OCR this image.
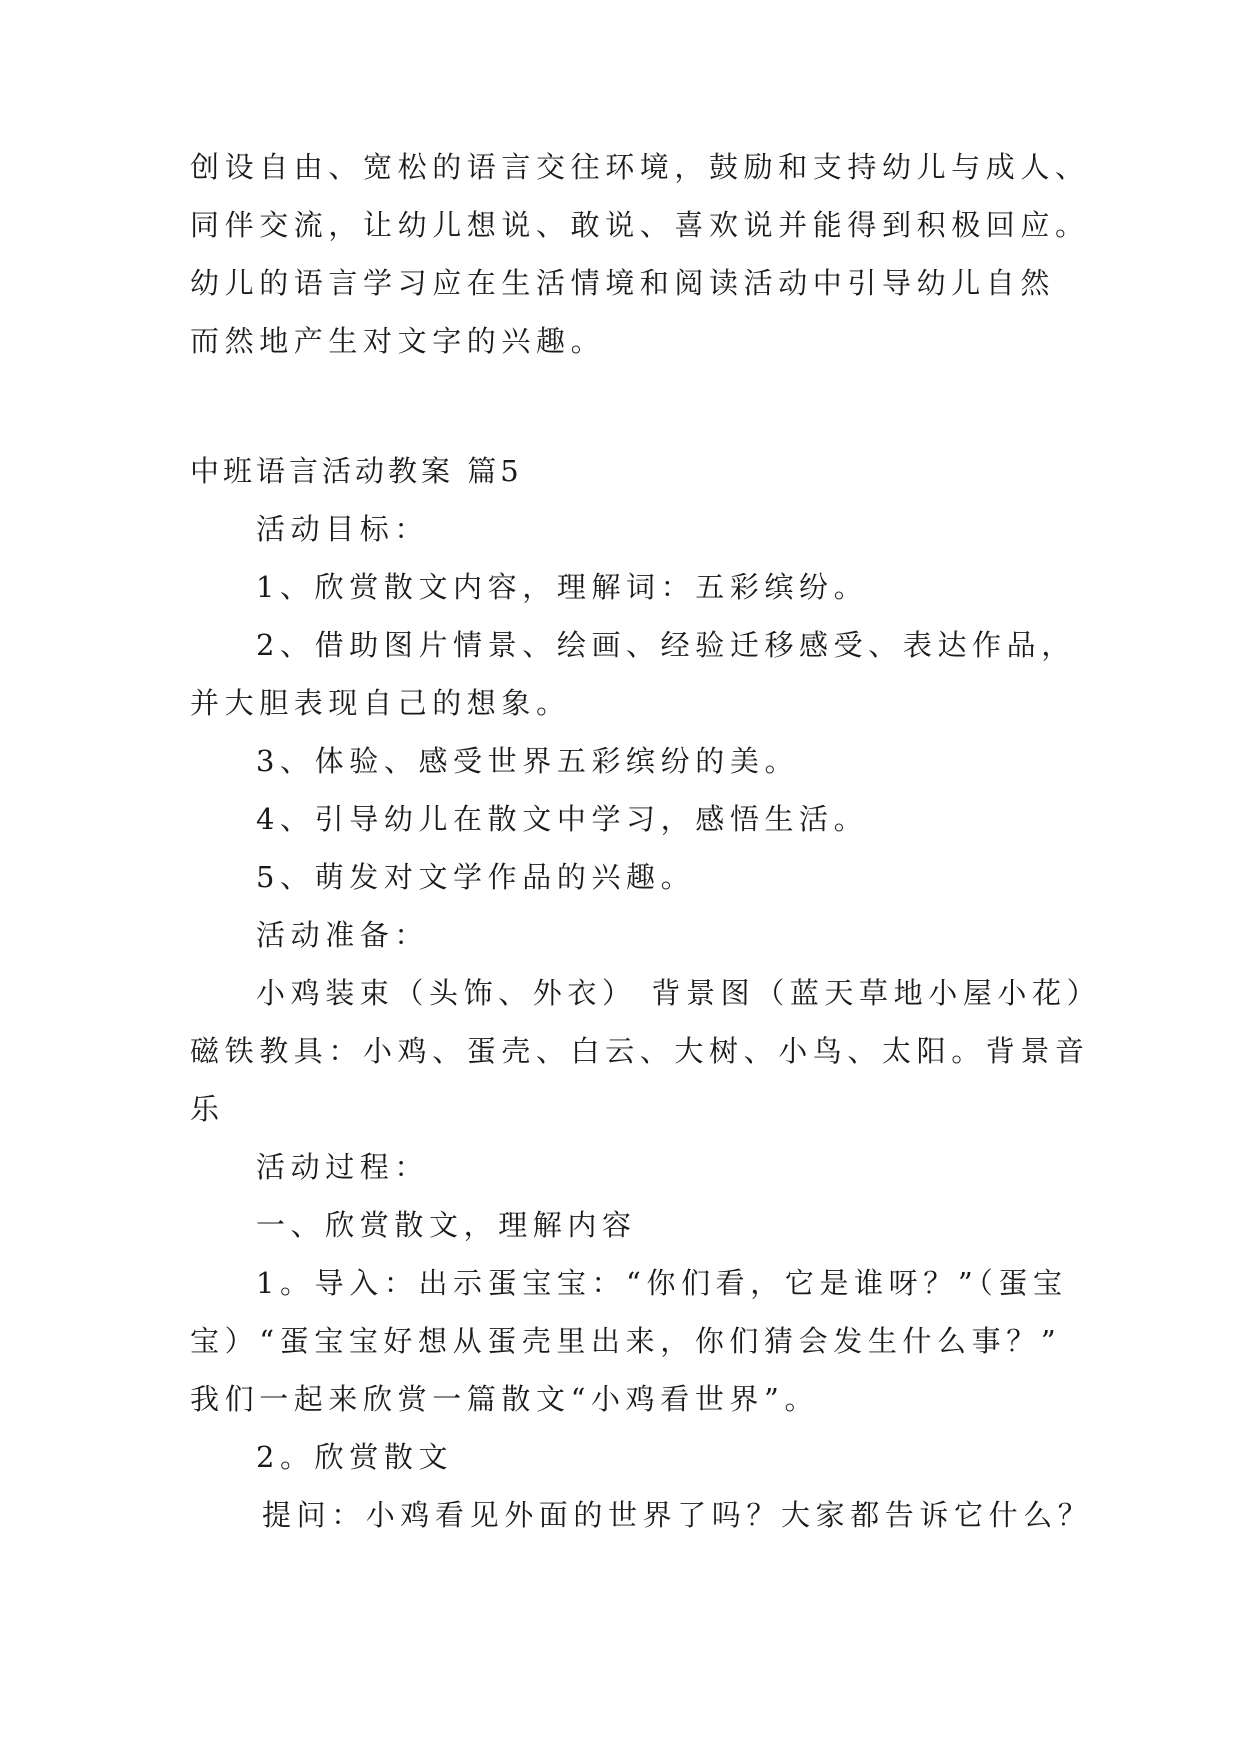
创设自由、宽松的语言交往环境，鼓励和支持幼儿与成人、

同伴交流，让幼儿想说、敢说、喜欢说并能得到积极回应。

幼儿的语言学习应在生活情境和阅读活动中引导幼儿自然

而然地产生对文字的兴趣。

中班语言活动教案 篇5

活动目标：

1、欣赏散文内容，理解词：五彩缤纷。

2、借助图片情景、绘画、经验迁移感受、表达作品，

并大胆表现自己的想象。

3、体验、感受世界五彩缤纷的美。

4、引导幼儿在散文中学习，感悟生活。

5、萌发对文学作品的兴趣。

活动准备：

小鸡装束（头饰、外衣） 背景图（蓝天草地小屋小花）

磁铁教具：小鸡、蛋壳、白云、大树、小鸟、太阳。背景音

乐

活动过程：

一、欣赏散文，理解内容

1。导入：出示蛋宝宝：“你们看，它是谁呀？”（蛋宝

宝）“蛋宝宝好想从蛋壳里出来，你们猜会发生什么事？”

我们一起来欣赏一篇散文“小鸡看世界”。

2。欣赏散文

提问：小鸡看见外面的世界了吗？大家都告诉它什么？
